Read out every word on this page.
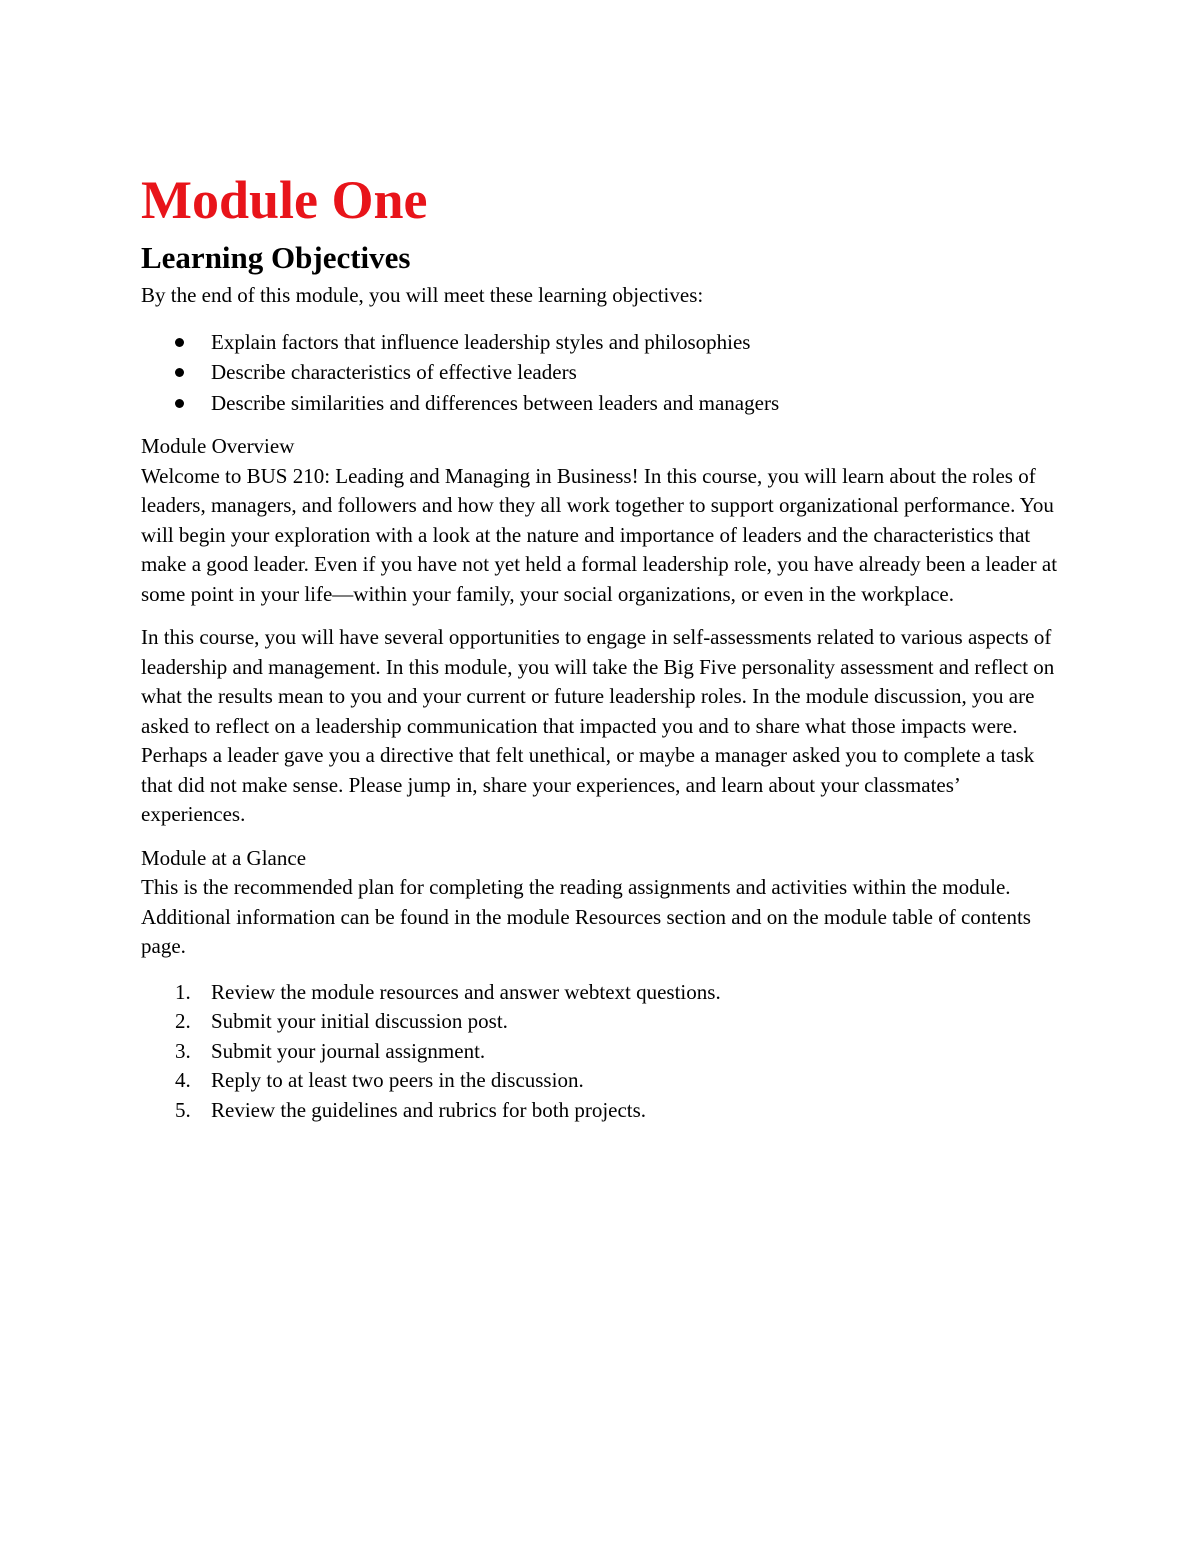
Module One
Learning Objectives

By the end of this module, you will meet these learning objectives:

Explain factors that influence leadership styles and philosophies
Describe characteristics of effective leaders
Describe similarities and differences between leaders and managers

Module Overview

Welcome to BUS 210: Leading and Managing in Business! In this course, you will learn about the roles of leaders, managers, and followers and how they all work together to support organizational performance. You will begin your exploration with a look at the nature and importance of leaders and the characteristics that make a good leader. Even if you have not yet held a formal leadership role, you have already been a leader at some point in your life—within your family, your social organizations, or even in the workplace.

In this course, you will have several opportunities to engage in self-assessments related to various aspects of leadership and management. In this module, you will take the Big Five personality assessment and reflect on what the results mean to you and your current or future leadership roles. In the module discussion, you are asked to reflect on a leadership communication that impacted you and to share what those impacts were. Perhaps a leader gave you a directive that felt unethical, or maybe a manager asked you to complete a task that did not make sense. Please jump in, share your experiences, and learn about your classmates’ experiences.

Module at a Glance

This is the recommended plan for completing the reading assignments and activities within the module. Additional information can be found in the module Resources section and on the module table of contents page.

1. Review the module resources and answer webtext questions.
2. Submit your initial discussion post.
3. Submit your journal assignment.
4. Reply to at least two peers in the discussion.
5. Review the guidelines and rubrics for both projects.
